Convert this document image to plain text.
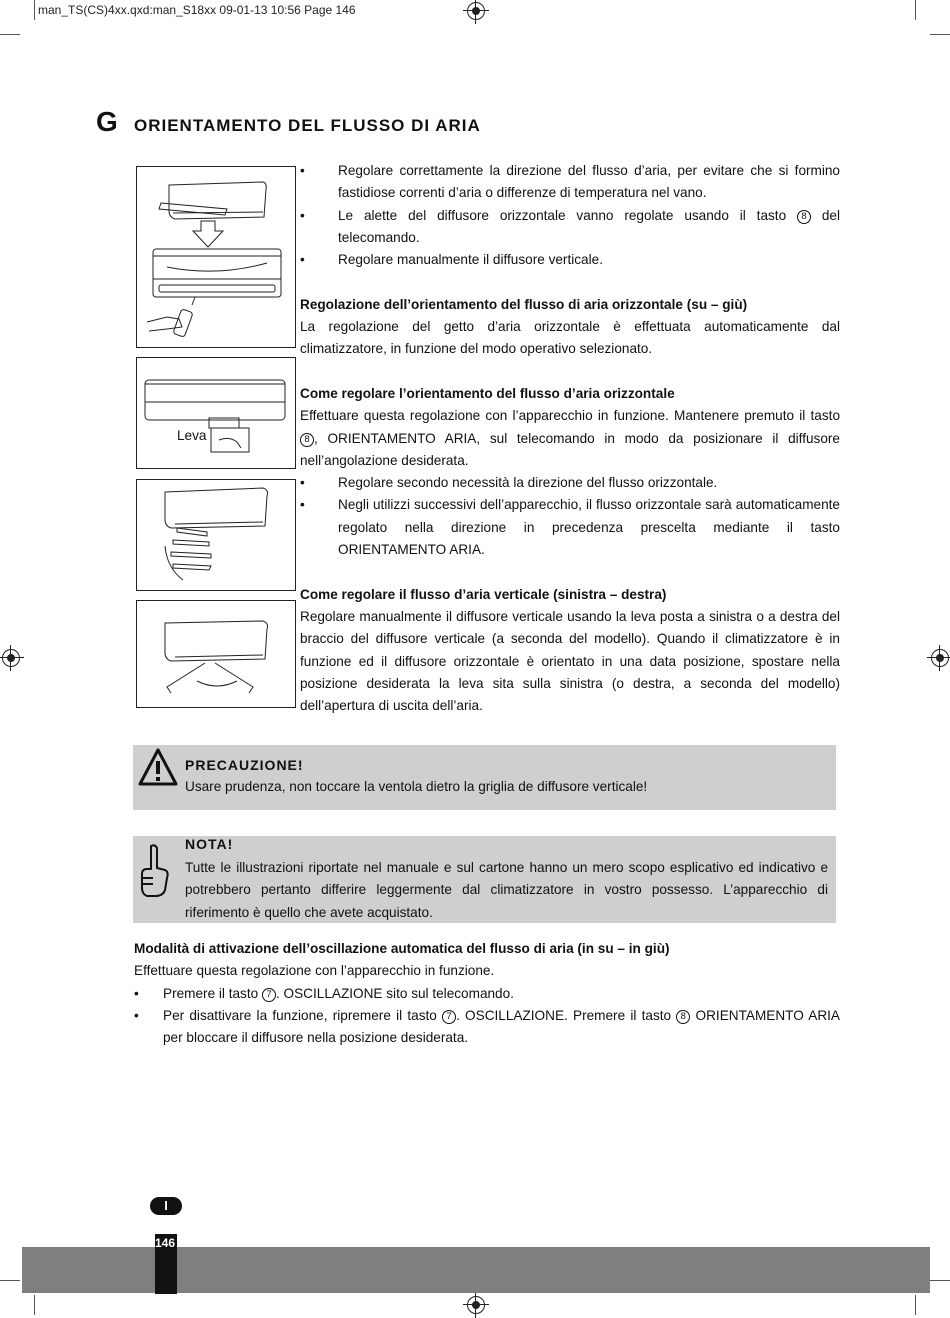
man_TS(CS)4xx.qxd:man_S18xx 09-01-13 10:56 Page 146
G ORIENTAMENTO DEL FLUSSO DI ARIA
Leva
•	Regolare correttamente la direzione del flusso d’aria, per evitare che si formino fastidiose correnti d’aria o differenze di temperatura nel vano.
•	Le alette del diffusore orizzontale vanno regolate usando il tasto 8 del telecomando.
•	Regolare manualmente il diffusore verticale.

Regolazione dell’orientamento del flusso di aria orizzontale (su – giù)

La regolazione del getto d’aria orizzontale è effettuata automaticamente dal climatizzatore, in funzione del modo operativo selezionato.

Come regolare l’orientamento del flusso d’aria orizzontale

Effettuare questa regolazione con l’apparecchio in funzione. Mantenere premuto il tasto 8 , ORIENTAMENTO ARIA, sul telecomando in modo da posizionare il diffusore nell’angolazione desiderata.

•	Regolare secondo necessità la direzione del flusso orizzontale.
•	Negli utilizzi successivi dell’apparecchio, il flusso orizzontale sarà automaticamente regolato nella direzione in precedenza prescelta mediante il tasto ORIENTAMENTO ARIA.

Come regolare il flusso d’aria verticale (sinistra – destra)

Regolare manualmente il diffusore verticale usando la leva posta a sinistra o a destra del braccio del diffusore verticale (a seconda del modello). Quando il climatizzatore è in funzione ed il diffusore orizzontale è orientato in una data posizione, spostare nella posizione desiderata la leva sita sulla sinistra (o destra, a seconda del modello) dell’apertura di uscita dell’aria.

PRECAUZIONE!
Usare prudenza, non toccare la ventola dietro la griglia de diffusore verticale!
NOTA!
Tutte le illustrazioni riportate nel manuale e sul cartone hanno un mero scopo esplicativo ed indicativo e potrebbero pertanto differire leggermente dal climatizzatore in vostro possesso. L’apparecchio di riferimento è quello che avete acquistato.

Modalità di attivazione dell’oscillazione automatica del flusso di aria (in su – in giù)

Effettuare questa regolazione con l’apparecchio in funzione.

•	Premere il tasto 7 . OSCILLAZIONE sito sul telecomando.
•	Per disattivare la funzione, ripremere il tasto 7 . OSCILLAZIONE. Premere il tasto 8 ORIENTAMENTO ARIA per bloccare il diffusore nella posizione desiderata.
I
146
